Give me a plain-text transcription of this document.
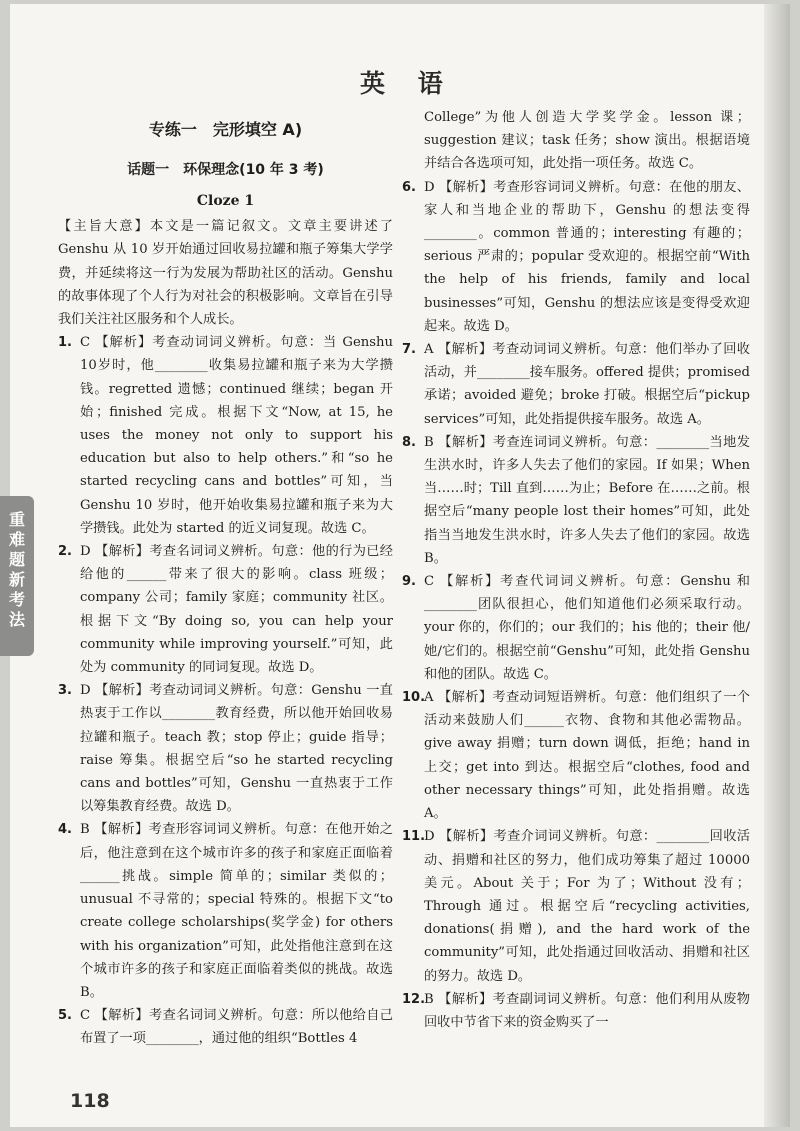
英 语
重
难
题
新
考
法
专练一　完形填空 A)
话题一　环保理念(10 年 3 考)
Cloze 1

【主旨大意】本文是一篇记叙文。文章主要讲述了Genshu 从 10 岁开始通过回收易拉罐和瓶子筹集大学学费，并延续将这一行为发展为帮助社区的活动。Genshu 的故事体现了个人行为对社会的积极影响。文章旨在引导我们关注社区服务和个人成长。

1. C 【解析】考查动词词义辨析。句意：当 Genshu 10岁时，他________收集易拉罐和瓶子来为大学攒钱。regretted 遗憾；continued 继续；began 开始；finished 完成。根据下文“Now, at 15, he uses the money not only to support his education but also to help others.”和“so he started recycling cans and bottles”可知，当 Genshu 10 岁时，他开始收集易拉罐和瓶子来为大学攒钱。此处为 started 的近义词复现。故选 C。

2. D 【解析】考查名词词义辨析。句意：他的行为已经给他的______带来了很大的影响。class 班级；company 公司；family 家庭；community 社区。根据下文“By doing so, you can help your community while improving yourself.”可知，此处为 community 的同词复现。故选 D。

3. D 【解析】考查动词词义辨析。句意：Genshu 一直热衷于工作以________教育经费，所以他开始回收易拉罐和瓶子。teach 教；stop 停止；guide 指导；raise 筹集。根据空后“so he started recycling cans and bottles”可知，Genshu 一直热衷于工作以筹集教育经费。故选 D。

4. B 【解析】考查形容词词义辨析。句意：在他开始之后，他注意到在这个城市许多的孩子和家庭正面临着______挑战。simple 简单的；similar 类似的；unusual 不寻常的；special 特殊的。根据下文“to create college scholarships(奖学金) for others with his organization”可知，此处指他注意到在这个城市许多的孩子和家庭正面临着类似的挑战。故选 B。

5. C 【解析】考查名词词义辨析。句意：所以他给自己布置了一项________，通过他的组织“Bottles 4

College”为他人创造大学奖学金。lesson 课；suggestion 建议；task 任务；show 演出。根据语境并结合各选项可知，此处指一项任务。故选 C。

6. D 【解析】考查形容词词义辨析。句意：在他的朋友、家人和当地企业的帮助下，Genshu 的想法变得________。common 普通的；interesting 有趣的；serious 严肃的；popular 受欢迎的。根据空前“With the help of his friends, family and local businesses”可知，Genshu 的想法应该是变得受欢迎起来。故选 D。

7. A 【解析】考查动词词义辨析。句意：他们举办了回收活动，并________接车服务。offered 提供；promised 承诺；avoided 避免；broke 打破。根据空后“pickup services”可知，此处指提供接车服务。故选 A。

8. B 【解析】考查连词词义辨析。句意：________当地发生洪水时，许多人失去了他们的家园。If 如果；When 当……时；Till 直到……为止；Before 在……之前。根据空后“many people lost their homes”可知，此处指当当地发生洪水时，许多人失去了他们的家园。故选 B。

9. C 【解析】考查代词词义辨析。句意：Genshu 和________团队很担心，他们知道他们必须采取行动。your 你的，你们的；our 我们的；his 他的；their 他/她/它们的。根据空前“Genshu”可知，此处指 Genshu 和他的团队。故选 C。

10.

A 【解析】考查动词短语辨析。句意：他们组织了一个活动来鼓励人们______衣物、食物和其他必需物品。give away 捐赠；turn down 调低，拒绝；hand in 上交；get into 到达。根据空后“clothes, food and other necessary things”可知，此处指捐赠。故选 A。

11.

D 【解析】考查介词词义辨析。句意：________回收活动、捐赠和社区的努力，他们成功筹集了超过 10000 美元。About 关于；For 为了；Without 没有；Through 通过。根据空后“recycling activities, donations(捐赠), and the hard work of the community”可知，此处指通过回收活动、捐赠和社区的努力。故选 D。

12.

B 【解析】考查副词词义辨析。句意：他们利用从废物回收中节省下来的资金购买了一

118
